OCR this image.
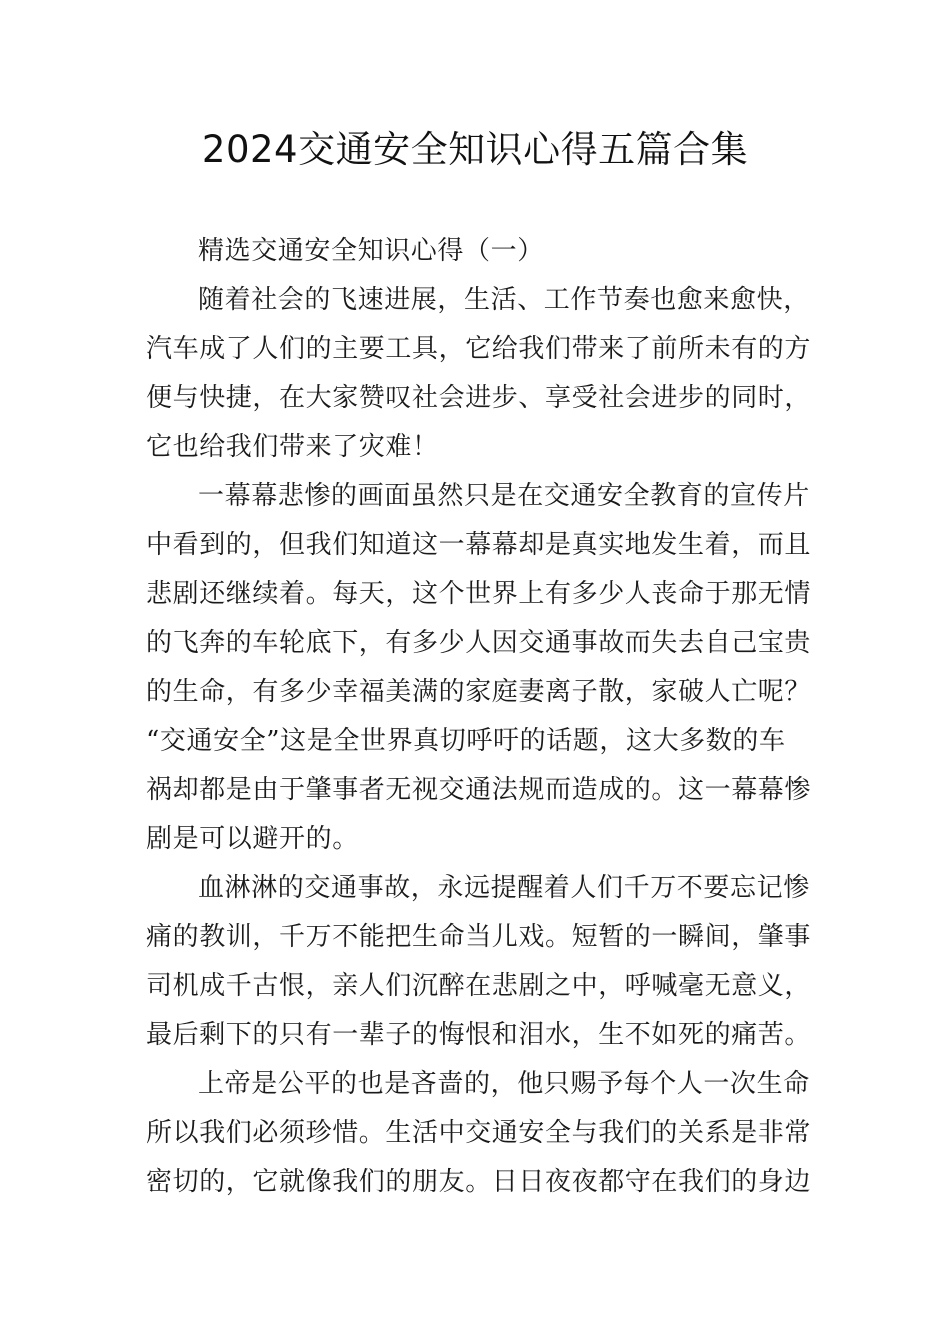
2024交通安全知识心得五篇合集
精选交通安全知识心得（一）
随着社会的飞速进展，生活、工作节奏也愈来愈快，
汽车成了人们的主要工具，它给我们带来了前所未有的方
便与快捷，在大家赞叹社会进步、享受社会进步的同时，
它也给我们带来了灾难！
一幕幕悲惨的画面虽然只是在交通安全教育的宣传片
中看到的，但我们知道这一幕幕却是真实地发生着，而且
悲剧还继续着。每天，这个世界上有多少人丧命于那无情
的飞奔的车轮底下，有多少人因交通事故而失去自己宝贵
的生命，有多少幸福美满的家庭妻离子散，家破人亡呢？
“交通安全”这是全世界真切呼吁的话题，这大多数的车
祸却都是由于肇事者无视交通法规而造成的。这一幕幕惨
剧是可以避开的。
血淋淋的交通事故，永远提醒着人们千万不要忘记惨
痛的教训，千万不能把生命当儿戏。短暂的一瞬间，肇事
司机成千古恨，亲人们沉醉在悲剧之中，呼喊毫无意义，
最后剩下的只有一辈子的悔恨和泪水，生不如死的痛苦。
上帝是公平的也是吝啬的，他只赐予每个人一次生命
所以我们必须珍惜。生活中交通安全与我们的关系是非常
密切的，它就像我们的朋友。日日夜夜都守在我们的身边
